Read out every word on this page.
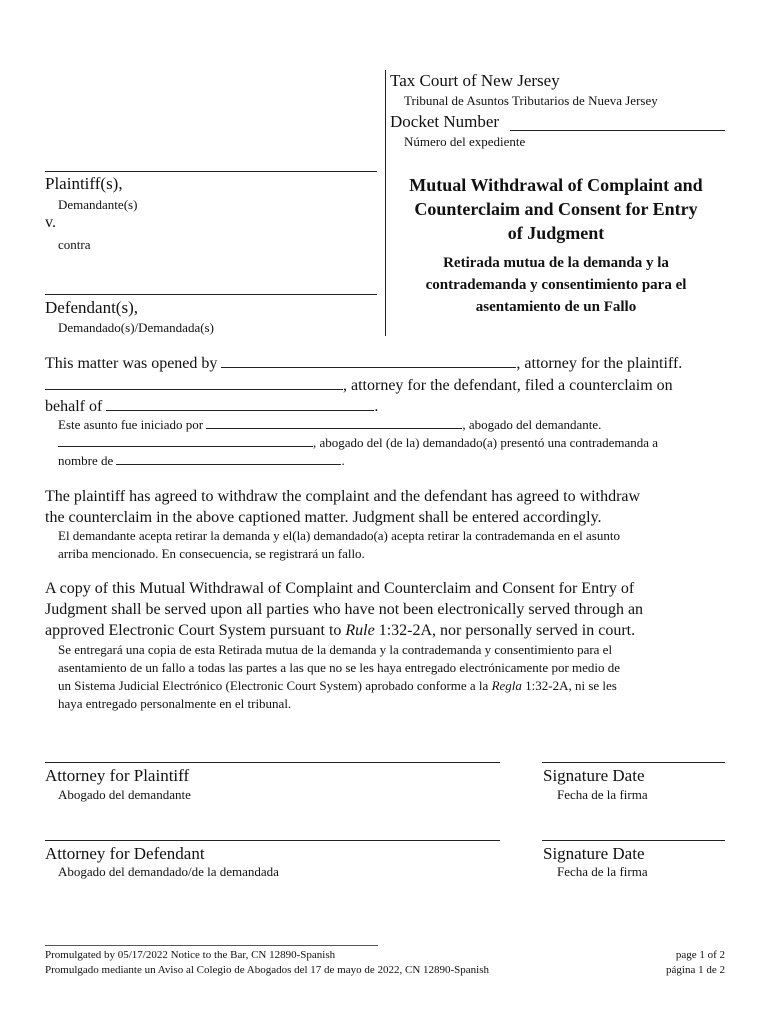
Tax Court of New Jersey
Tribunal de Asuntos Tributarios de Nueva Jersey
Docket Number
Número del expediente
Plaintiff(s),
Demandante(s)
v.
contra
Defendant(s),
Demandado(s)/Demandada(s)
Mutual Withdrawal of Complaint and
Counterclaim and Consent for Entry
of Judgment
Retirada mutua de la demanda y la
contrademanda y consentimiento para el
asentamiento de un Fallo
This matter was opened by	, attorney for the plaintiff.
, attorney for the defendant, filed a counterclaim on
behalf of	.
Este asunto fue iniciado por	, abogado del demandante.
, abogado del (de la) demandado(a) presentó una contrademanda a
nombre de	.
The plaintiff has agreed to withdraw the complaint and the defendant has agreed to withdraw
the counterclaim in the above captioned matter. Judgment shall be entered accordingly.
El demandante acepta retirar la demanda y el(la) demandado(a) acepta retirar la contrademanda en el asunto
arriba mencionado. En consecuencia, se registrará un fallo.
A copy of this Mutual Withdrawal of Complaint and Counterclaim and Consent for Entry of
Judgment shall be served upon all parties who have not been electronically served through an
approved Electronic Court System pursuant to Rule 1:32-2A, nor personally served in court.
Se entregará una copia de esta Retirada mutua de la demanda y la contrademanda y consentimiento para el
asentamiento de un fallo a todas las partes a las que no se les haya entregado electrónicamente por medio de
un Sistema Judicial Electrónico (Electronic Court System) aprobado conforme a la Regla 1:32-2A, ni se les
haya entregado personalmente en el tribunal.
Attorney for Plaintiff
Abogado del demandante
Signature Date
Fecha de la firma
Attorney for Defendant
Abogado del demandado/de la demandada
Signature Date
Fecha de la firma
Promulgated by 05/17/2022 Notice to the Bar, CN 12890-Spanish
Promulgado mediante un Aviso al Colegio de Abogados del 17 de mayo de 2022, CN 12890-Spanish
page 1 of 2
página 1 de 2
